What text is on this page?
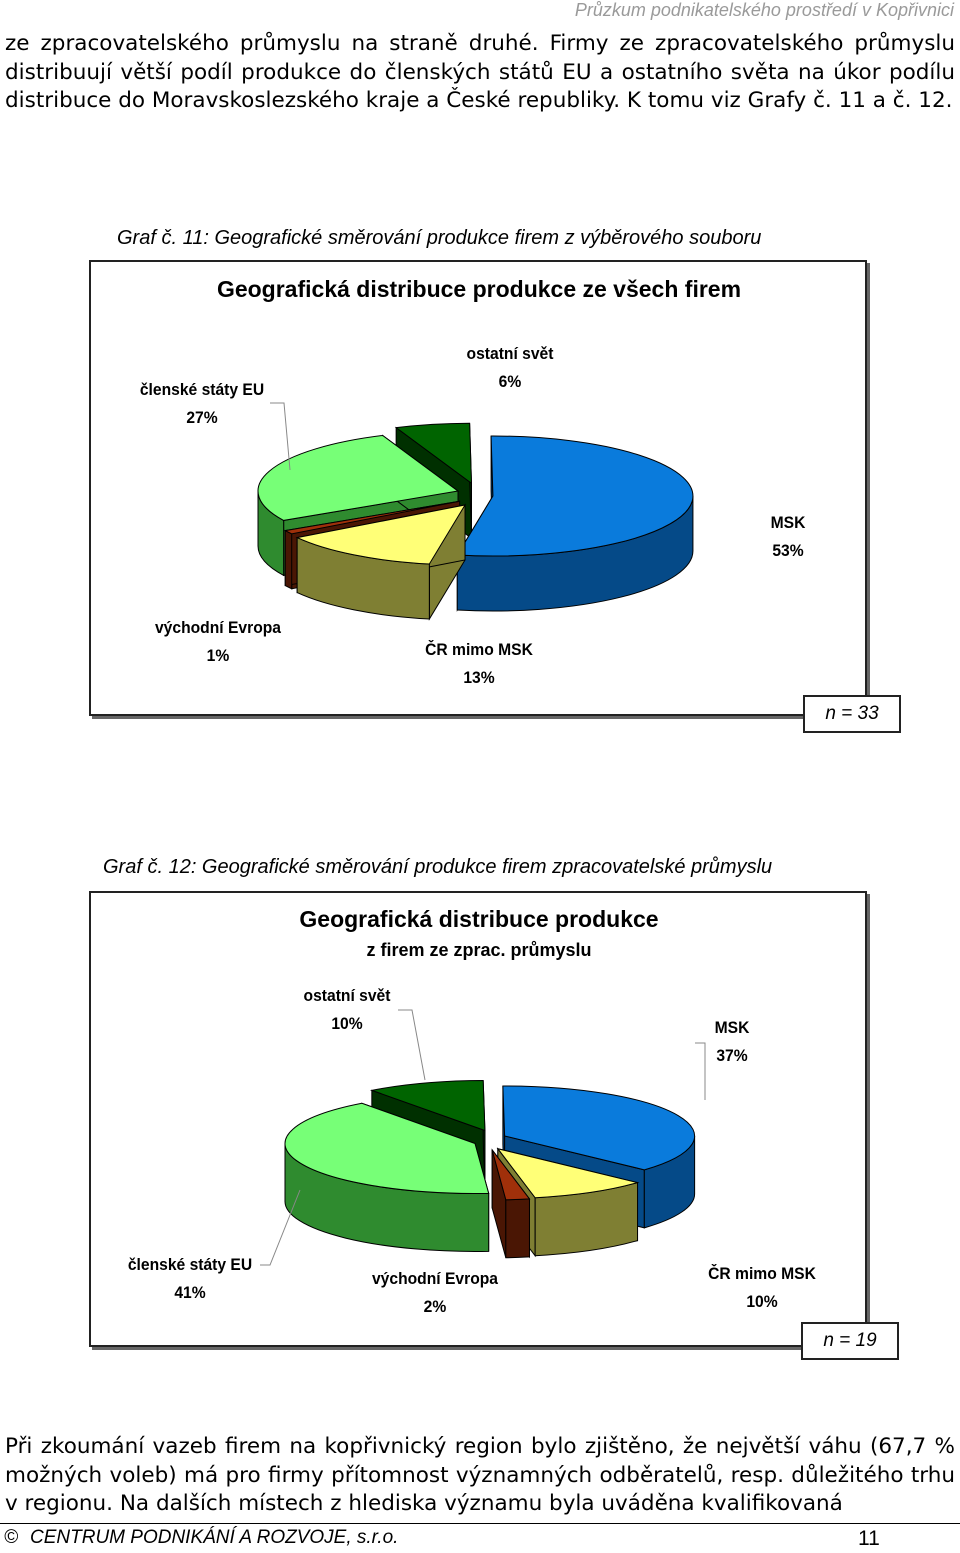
Průzkum podnikatelského prostředí v Kopřivnici

ze zpracovatelského průmyslu na straně druhé. Firmy ze zpracovatelského průmyslu distribuují větší podíl produkce do členských států EU a ostatního světa na úkor podílu distribuce do Moravskoslezského kraje a České republiky. K tomu viz Grafy č. 11 a č. 12.

Graf č. 11: Geografické směrování produkce firem z výběrového souboru
Geografická distribuce produkce ze všech firem
Graf č. 12: Geografické směrování produkce firem zpracovatelské průmyslu
Geografická distribuce produkce
z firem ze zprac. průmyslu
ostatní svět
6%
členské státy EU
27%
MSK
53%
východní Evropa
1%	ČR mimo MSK
13%
n = 33
ostatní svět
10%	MSK
37%
členské státy EU
41%
východní Evropa
2%
ČR mimo MSK
10%
n = 19

Při zkoumání vazeb firem na kopřivnický region bylo zjištěno, že největší váhu (67,7 % možných voleb) má pro firmy přítomnost významných odběratelů, resp. důležitého trhu v regionu. Na dalších místech z hlediska významu byla uváděna kvalifikovaná

© CENTRUM PODNIKÁNÍ A ROZVOJE, s.r.o.	11
